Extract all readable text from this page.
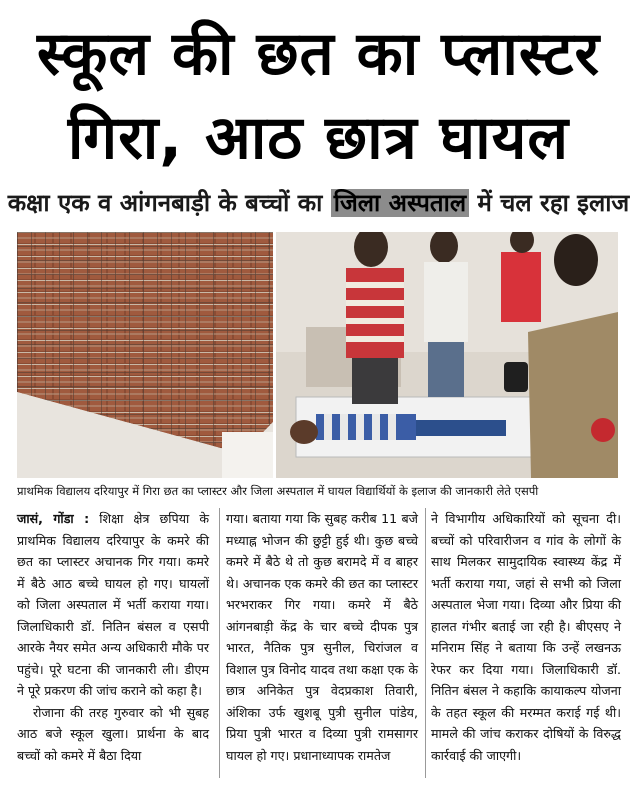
स्कूल की छत का प्लास्टर
गिरा, आठ छात्र घायल
कक्षा एक व आंगनबाड़ी के बच्चों का जिला अस्पताल में चल रहा इलाज
प्राथमिक विद्यालय दरियापुर में गिरा छत का प्लास्टर और जिला अस्पताल में घायल विद्यार्थियों के इलाज की जानकारी लेते एसपी

जासं, गोंडा : शिक्षा क्षेत्र छपिया के प्राथमिक विद्यालय दरियापुर के कमरे की छत का प्लास्टर अचानक गिर गया। कमरे में बैठे आठ बच्चे घायल हो गए। घायलों को जिला अस्पताल में भर्ती कराया गया। जिलाधिकारी डॉ. नितिन बंसल व एसपी आरके नैयर समेत अन्य अधिकारी मौके पर पहुंचे। पूरे घटना की जानकारी ली। डीएम ने पूरे प्रकरण की जांच कराने को कहा है।

रोजाना की तरह गुरुवार को भी सुबह आठ बजे स्कूल खुला। प्रार्थना के बाद बच्चों को कमरे में बैठा दिया

गया। बताया गया कि सुबह करीब 11 बजे मध्याह्न भोजन की छुट्टी हुई थी। कुछ बच्चे कमरे में बैठे थे तो कुछ बरामदे में व बाहर थे। अचानक एक कमरे की छत का प्लास्टर भरभराकर गिर गया। कमरे में बैठे आंगनबाड़ी केंद्र के चार बच्चे दीपक पुत्र भारत, नैतिक पुत्र सुनील, चिरांजल व विशाल पुत्र विनोद यादव तथा कक्षा एक के छात्र अनिकेत पुत्र वेदप्रकाश तिवारी, अंशिका उर्फ खुशबू पुत्री सुनील पांडेय, प्रिया पुत्री भारत व दिव्या पुत्री रामसागर घायल हो गए। प्रधानाध्यापक रामतेज

ने विभागीय अधिकारियों को सूचना दी। बच्चों को परिवारीजन व गांव के लोगों के साथ मिलकर सामुदायिक स्वास्थ्य केंद्र में भर्ती कराया गया, जहां से सभी को जिला अस्पताल भेजा गया। दिव्या और प्रिया की हालत गंभीर बताई जा रही है। बीएसए ने मनिराम सिंह ने बताया कि उन्हें लखनऊ रेफर कर दिया गया। जिलाधिकारी डॉ. नितिन बंसल ने कहाकि कायाकल्प योजना के तहत स्कूल की मरम्मत कराई गई थी। मामले की जांच कराकर दोषियों के विरुद्ध कार्रवाई की जाएगी।
